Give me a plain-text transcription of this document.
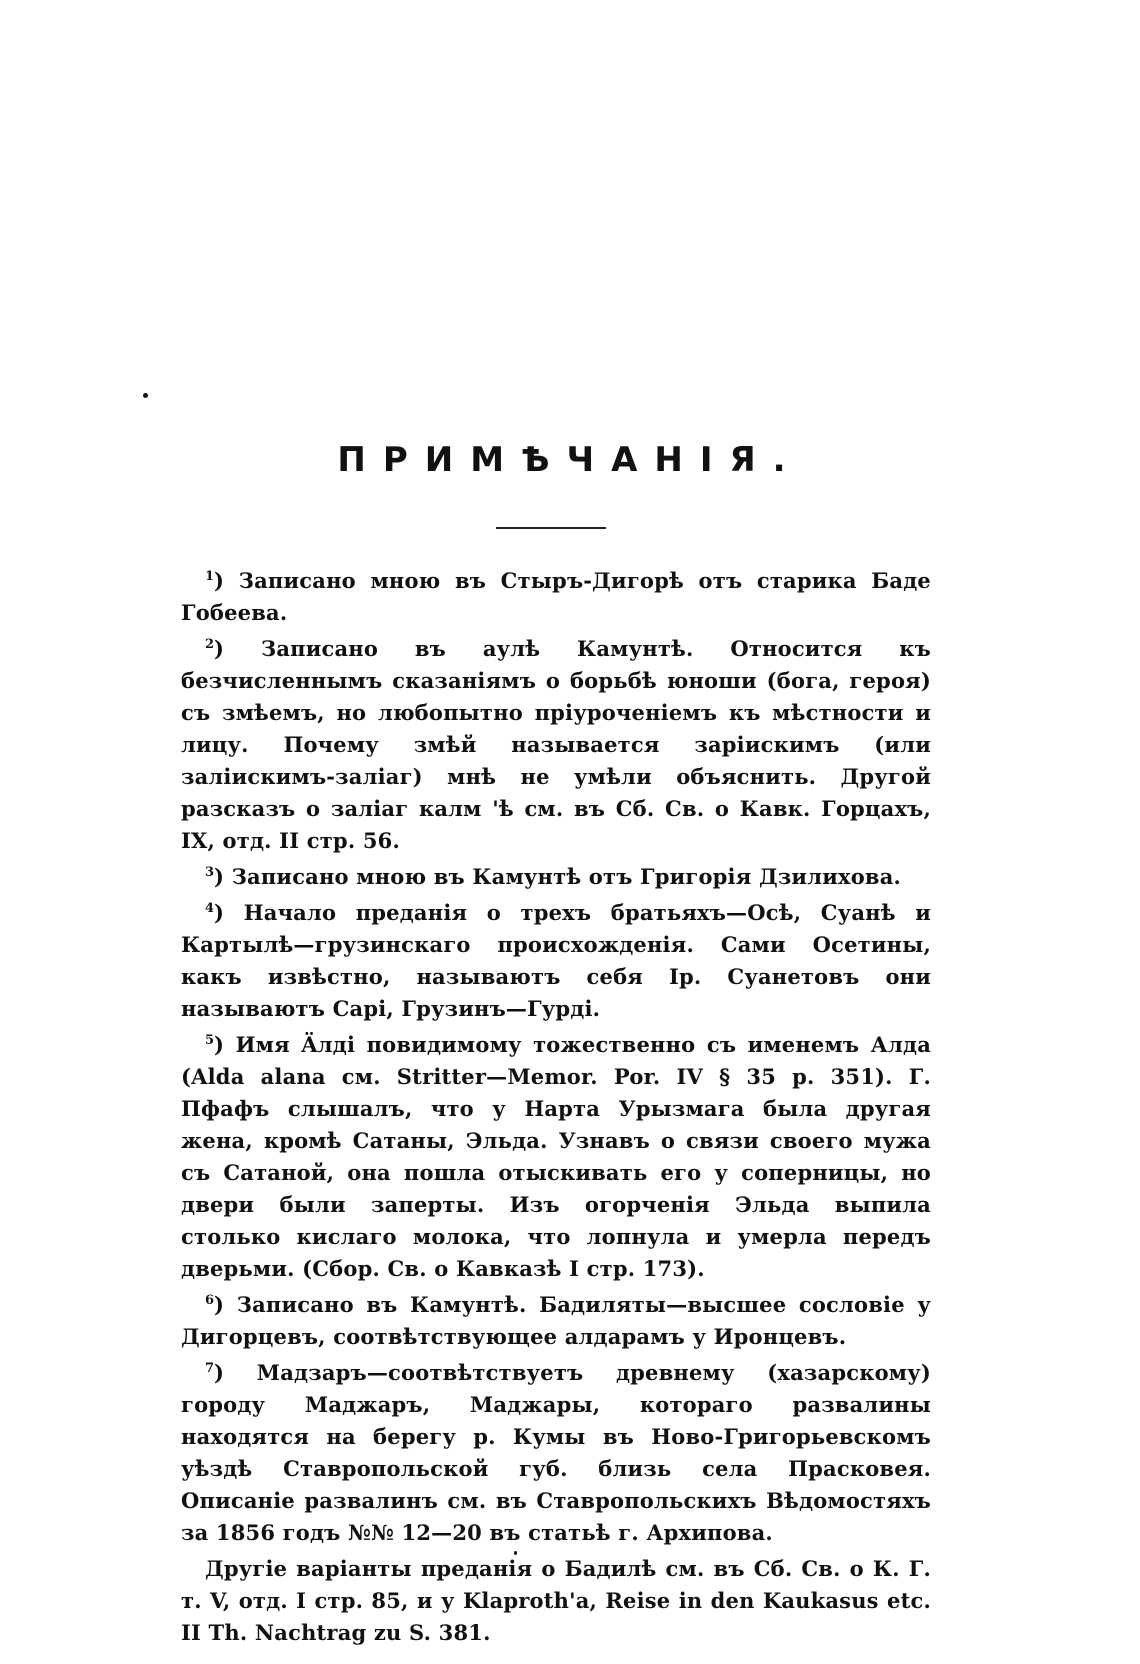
ПРИМѢЧАНІЯ.

$^1$) Записано мною въ Стыръ-Дигорѣ отъ старика Баде Гобеева.

$^2$) Записано въ аулѣ Камунтѣ. Относится къ безчисленнымъ сказаніямъ о борьбѣ юноши (бога, героя) съ змѣемъ, но любопытно пріуроченіемъ къ мѣстности и лицу. Почему змѣй называется заріискимъ (или заліискимъ-заліаг) мнѣ не умѣли объяснить. Другой разсказъ о заліаг калм 'ѣ см. въ Сб. Св. о Кавк. Горцахъ, IX, отд. II стр. 56.

$^3$) Записано мною въ Камунтѣ отъ Григорія Дзилихова.

$^4$) Начало преданія о трехъ братьяхъ—Осѣ, Суанѣ и Картылѣ—грузинскаго происхожденія. Сами Осетины, какъ извѣстно, называютъ себя Ір. Суанетовъ они называютъ Сарі, Грузинъ—Гурдi.

$^5$) Имя Äлдi повидимому тожественно съ именемъ Алда (Alda alana см. Stritter—Memor. Por. IV § 35 p. 351). Г. Пфафъ слышалъ, что у Нарта Урызмага была другая жена, кромѣ Сатаны, Эльда. Узнавъ о связи своего мужа съ Сатаной, она пошла отыскивать его у соперницы, но двери были заперты. Изъ огорченія Эльда выпила столько кислаго молока, что лопнула и умерла передъ дверьми. (Сбор. Св. о Кавказѣ I стр. 173).

$^6$) Записано въ Камунтѣ. Бадиляты—высшее сословіе у Дигорцевъ, соотвѣтствующее алдарамъ у Иронцевъ.

$^7$) Мадзаръ—соотвѣтствуетъ древнему (хазарскому) городу Маджаръ, Маджары, котораго развалины находятся на берегу р. Кумы въ Ново-Григорьевскомъ уѣздѣ Ставропольской губ. близь села Прасковея. Описаніе развалинъ см. въ Ставропольскихъ Вѣдомостяхъ за 1856 годъ №№ 12—20 въ статьѣ г. Архипова.

Другіе варіанты преданія о Бадилѣ см. въ Сб. Св. о К. Г. т. V, отд. I стр. 85, и у Klaproth'a, Reise in den Kaukasus etc. II Th. Nachtrag zu S. 381.
